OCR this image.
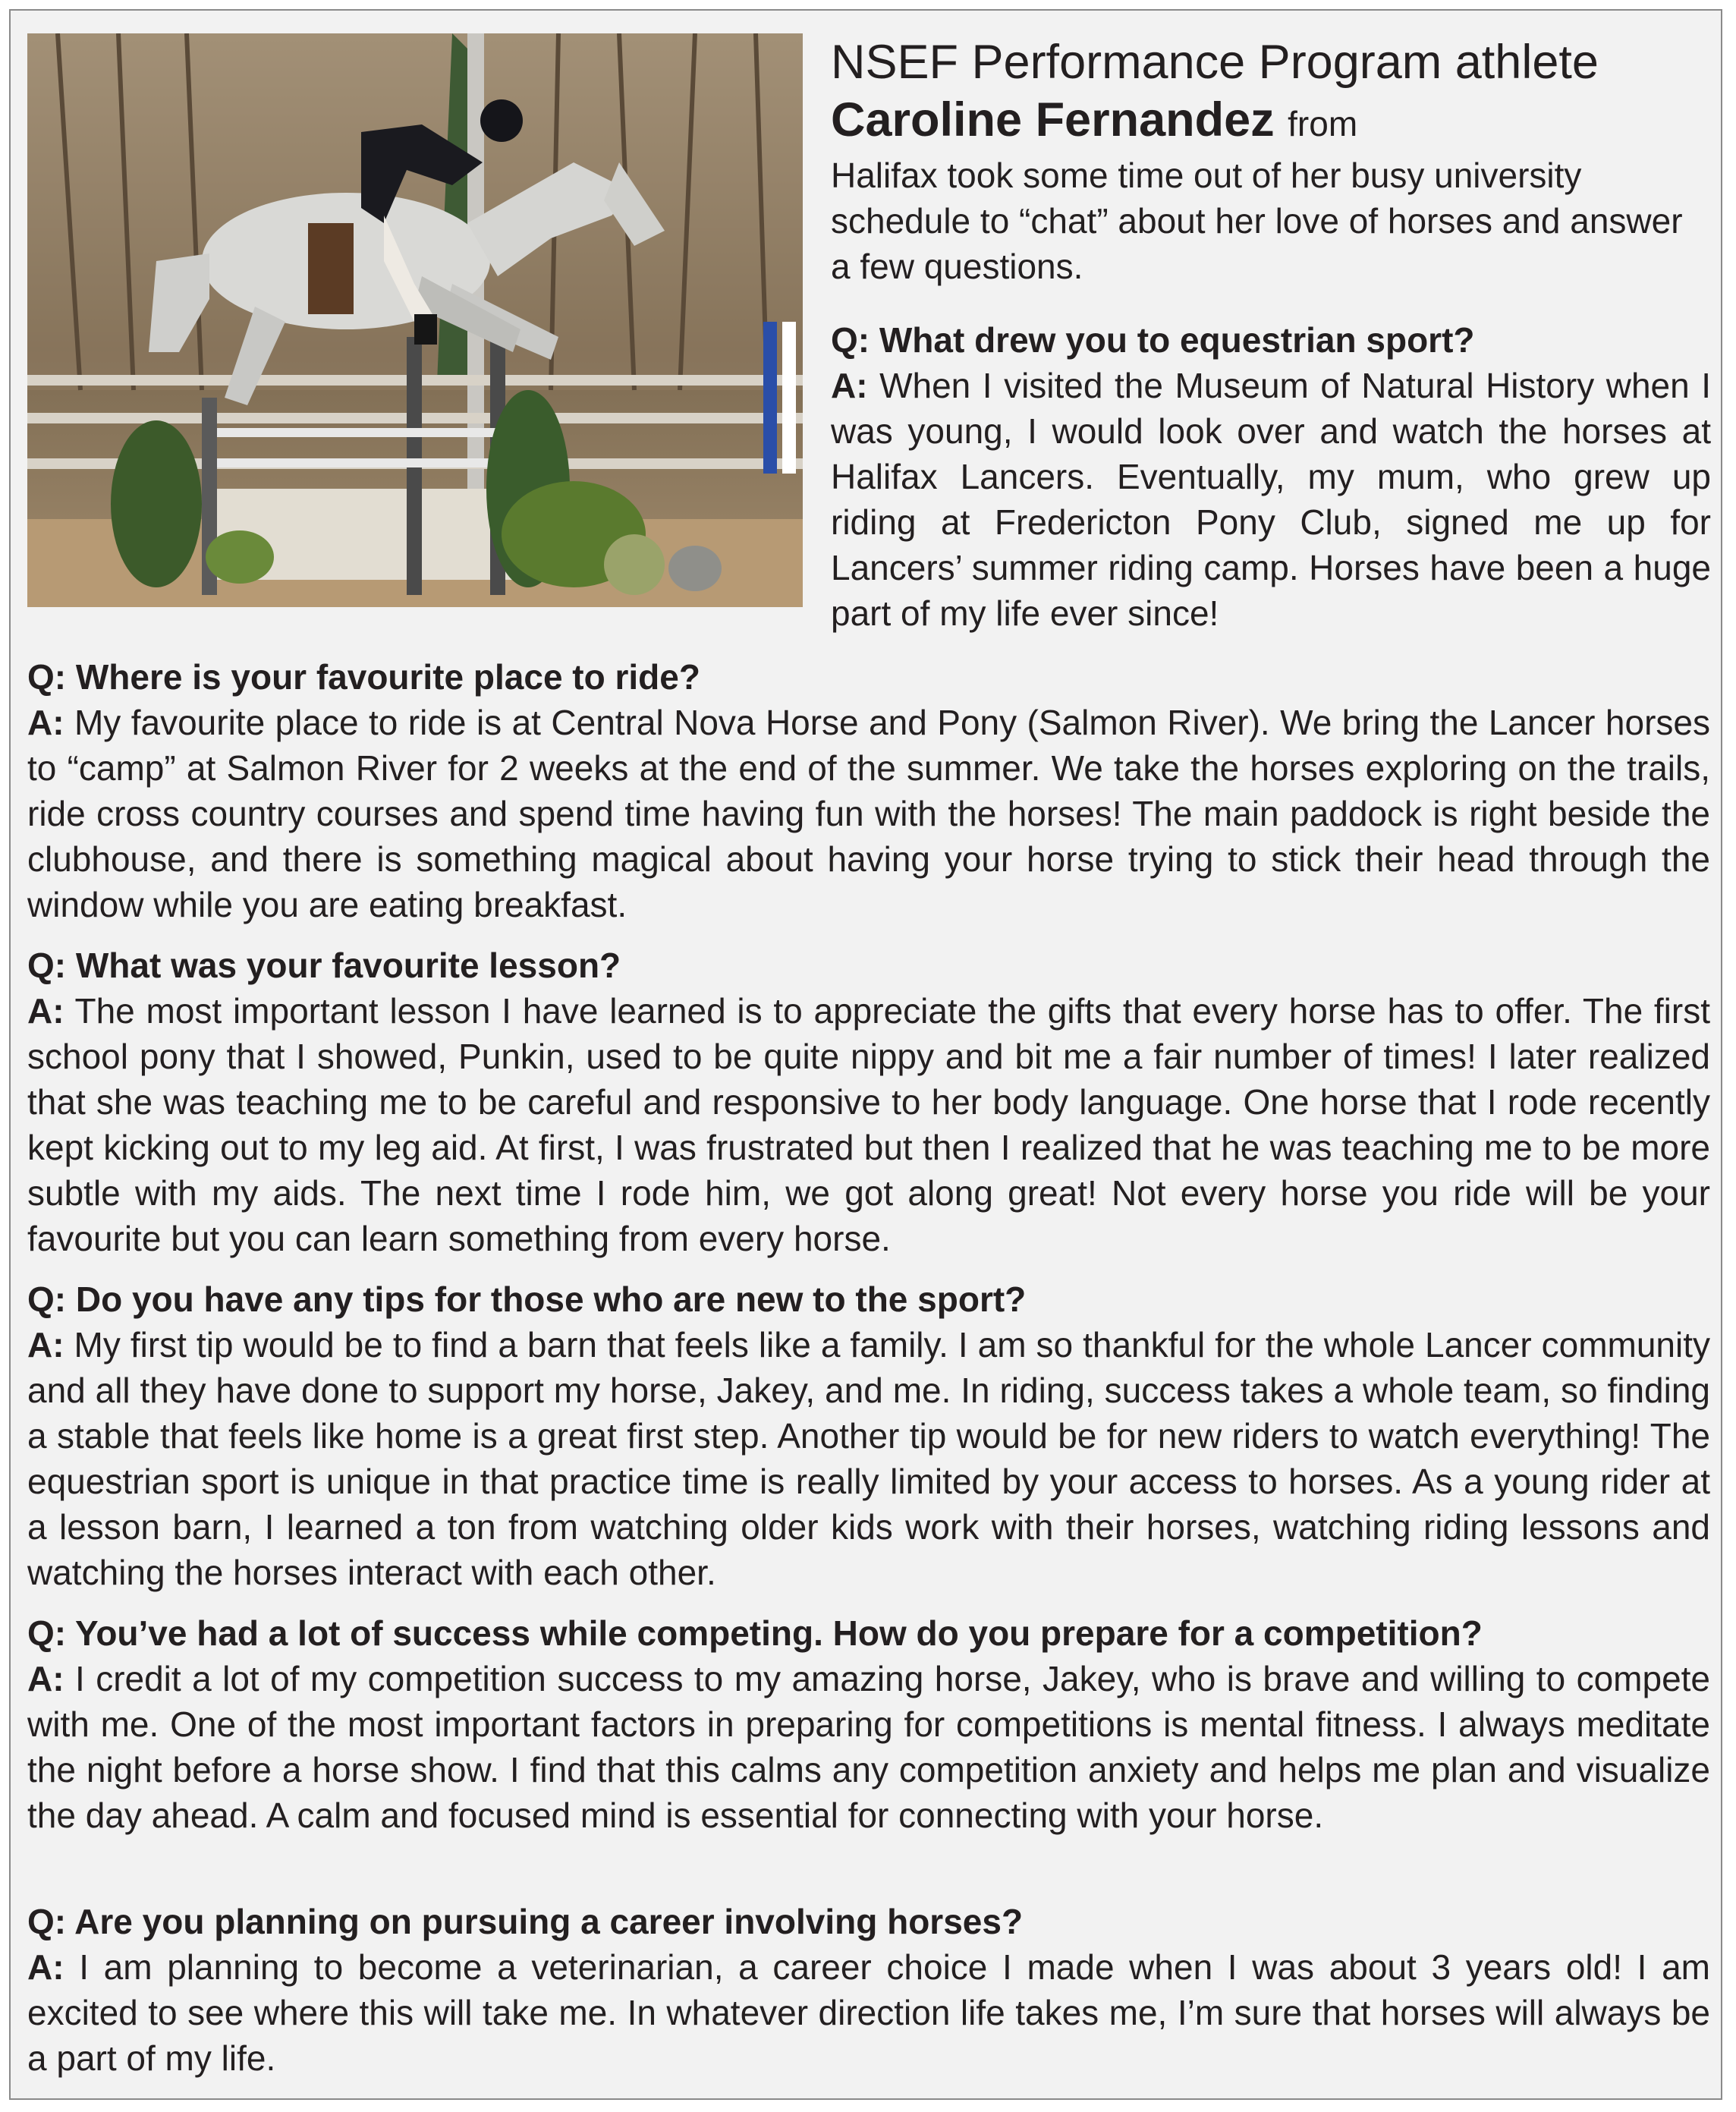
NSEF Performance Program athlete Caroline Fernandez from

Halifax took some time out of her busy university schedule to “chat” about her love of horses and answer a few questions.

Q: What drew you to equestrian sport?

A: When I visited the Museum of Natural History when I was young, I would look over and watch the horses at Halifax Lancers. Eventually, my mum, who grew up riding at Fredericton Pony Club, signed me up for Lancers’ summer riding camp. Horses have been a huge part of my life ever since!

Q: Where is your favourite place to ride?

A: My favourite place to ride is at Central Nova Horse and Pony (Salmon River). We bring the Lancer horses to “camp” at Salmon River for 2 weeks at the end of the summer. We take the horses exploring on the trails, ride cross country courses and spend time having fun with the horses! The main paddock is right beside the clubhouse, and there is something magical about having your horse trying to stick their head through the window while you are eating breakfast.

Q: What was your favourite lesson?

A: The most important lesson I have learned is to appreciate the gifts that every horse has to offer. The first school pony that I showed, Punkin, used to be quite nippy and bit me a fair number of times! I later realized that she was teaching me to be careful and responsive to her body language. One horse that I rode recently kept kicking out to my leg aid. At first, I was frustrated but then I realized that he was teaching me to be more subtle with my aids. The next time I rode him, we got along great! Not every horse you ride will be your favourite but you can learn something from every horse.

Q: Do you have any tips for those who are new to the sport?

A: My first tip would be to find a barn that feels like a family. I am so thankful for the whole Lancer community and all they have done to support my horse, Jakey, and me. In riding, success takes a whole team, so finding a stable that feels like home is a great first step. Another tip would be for new riders to watch everything! The equestrian sport is unique in that practice time is really limited by your access to horses. As a young rider at a lesson barn, I learned a ton from watching older kids work with their horses, watching riding lessons and watching the horses interact with each other.

Q: You’ve had a lot of success while competing. How do you prepare for a competition?

A: I credit a lot of my competition success to my amazing horse, Jakey, who is brave and willing to compete with me. One of the most important factors in preparing for competitions is mental fitness. I always meditate the night before a horse show. I find that this calms any competition anxiety and helps me plan and visualize the day ahead. A calm and focused mind is essential for connecting with your horse.

Q: Are you planning on pursuing a career involving horses?

A: I am planning to become a veterinarian, a career choice I made when I was about 3 years old! I am excited to see where this will take me. In whatever direction life takes me, I’m sure that horses will always be a part of my life.
